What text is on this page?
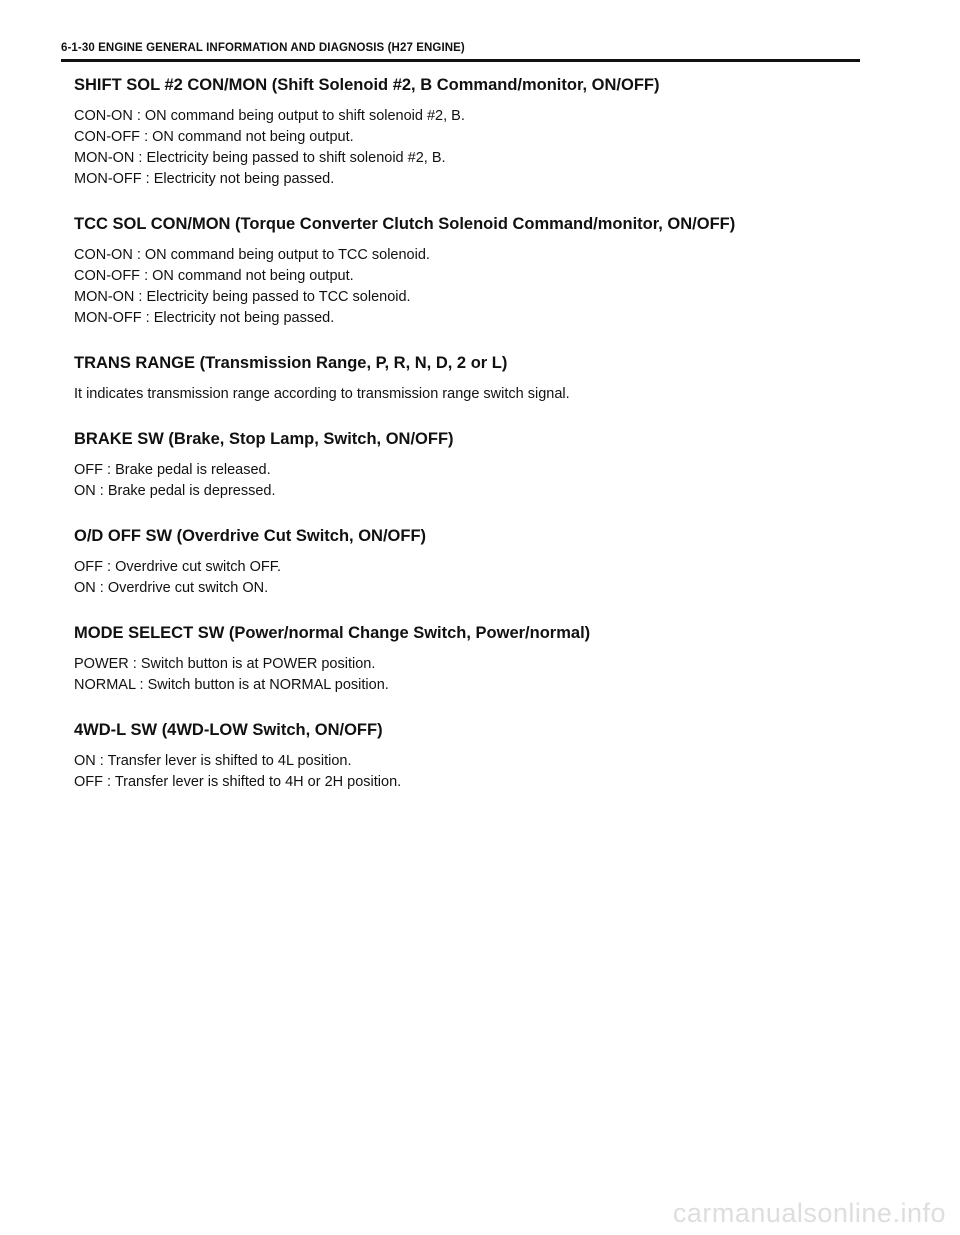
6-1-30 ENGINE GENERAL INFORMATION AND DIAGNOSIS (H27 ENGINE)
SHIFT SOL #2 CON/MON (Shift Solenoid #2, B Command/monitor, ON/OFF)

CON-ON : ON command being output to shift solenoid #2, B.

CON-OFF : ON command not being output.

MON-ON : Electricity being passed to shift solenoid #2, B.

MON-OFF : Electricity not being passed.

TCC SOL CON/MON (Torque Converter Clutch Solenoid Command/monitor, ON/OFF)

CON-ON : ON command being output to TCC solenoid.

CON-OFF : ON command not being output.

MON-ON : Electricity being passed to TCC solenoid.

MON-OFF : Electricity not being passed.

TRANS RANGE (Transmission Range, P, R, N, D, 2 or L)

It indicates transmission range according to transmission range switch signal.

BRAKE SW (Brake, Stop Lamp, Switch, ON/OFF)

OFF : Brake pedal is released.

ON : Brake pedal is depressed.

O/D OFF SW (Overdrive Cut Switch, ON/OFF)

OFF : Overdrive cut switch OFF.

ON : Overdrive cut switch ON.

MODE SELECT SW (Power/normal Change Switch, Power/normal)

POWER : Switch button is at POWER position.

NORMAL : Switch button is at NORMAL position.

4WD-L SW (4WD-LOW Switch, ON/OFF)

ON : Transfer lever is shifted to 4L position.

OFF : Transfer lever is shifted to 4H or 2H position.

carmanualsonline.info
